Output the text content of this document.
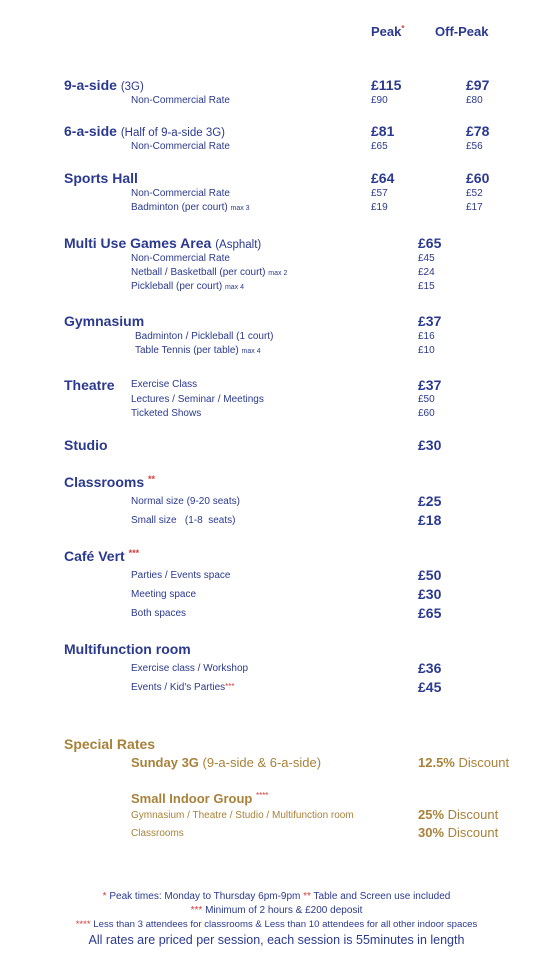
Peak* Off-Peak
9-a-side (3G)	£115	£97
Non-Commercial Rate	£90	£80
6-a-side (Half of 9-a-side 3G)	£81	£78
Non-Commercial Rate	£65	£56
Sports Hall	£64	£60
Non-Commercial Rate	£57	£52
Badminton (per court) max 3	£19	£17
Multi Use Games Area (Asphalt)	£65
Non-Commercial Rate	£45
Netball / Basketball (per court) max 2	£24
Pickleball (per court) max 4	£15
Gymnasium	£37
Badminton / Pickleball (1 court)	£16
Table Tennis (per table) max 4	£10
Theatre Exercise Class	£37
Lectures / Seminar / Meetings	£50
Ticketed Shows	£60
Studio	£30
Classrooms **
Normal size (9-20 seats)	£25
Small size   (1-8  seats)	£18
Café Vert ***
Parties / Events space	£50
Meeting space	£30
Both spaces	£65
Multifunction room
Exercise class / Workshop	£36
Events / Kid's Parties***	£45
Special Rates
Sunday 3G (9-a-side & 6-a-side)	12.5% Discount
Small Indoor Group ****
Gymnasium / Theatre / Studio / Multifunction room	25% Discount
Classrooms	30% Discount
* Peak times: Monday to Thursday 6pm-9pm ** Table and Screen use included
*** Minimum of 2 hours & £200 deposit
**** Less than 3 attendees for classrooms & Less than 10 attendees for all other indoor spaces
All rates are priced per session, each session is 55minutes in length
